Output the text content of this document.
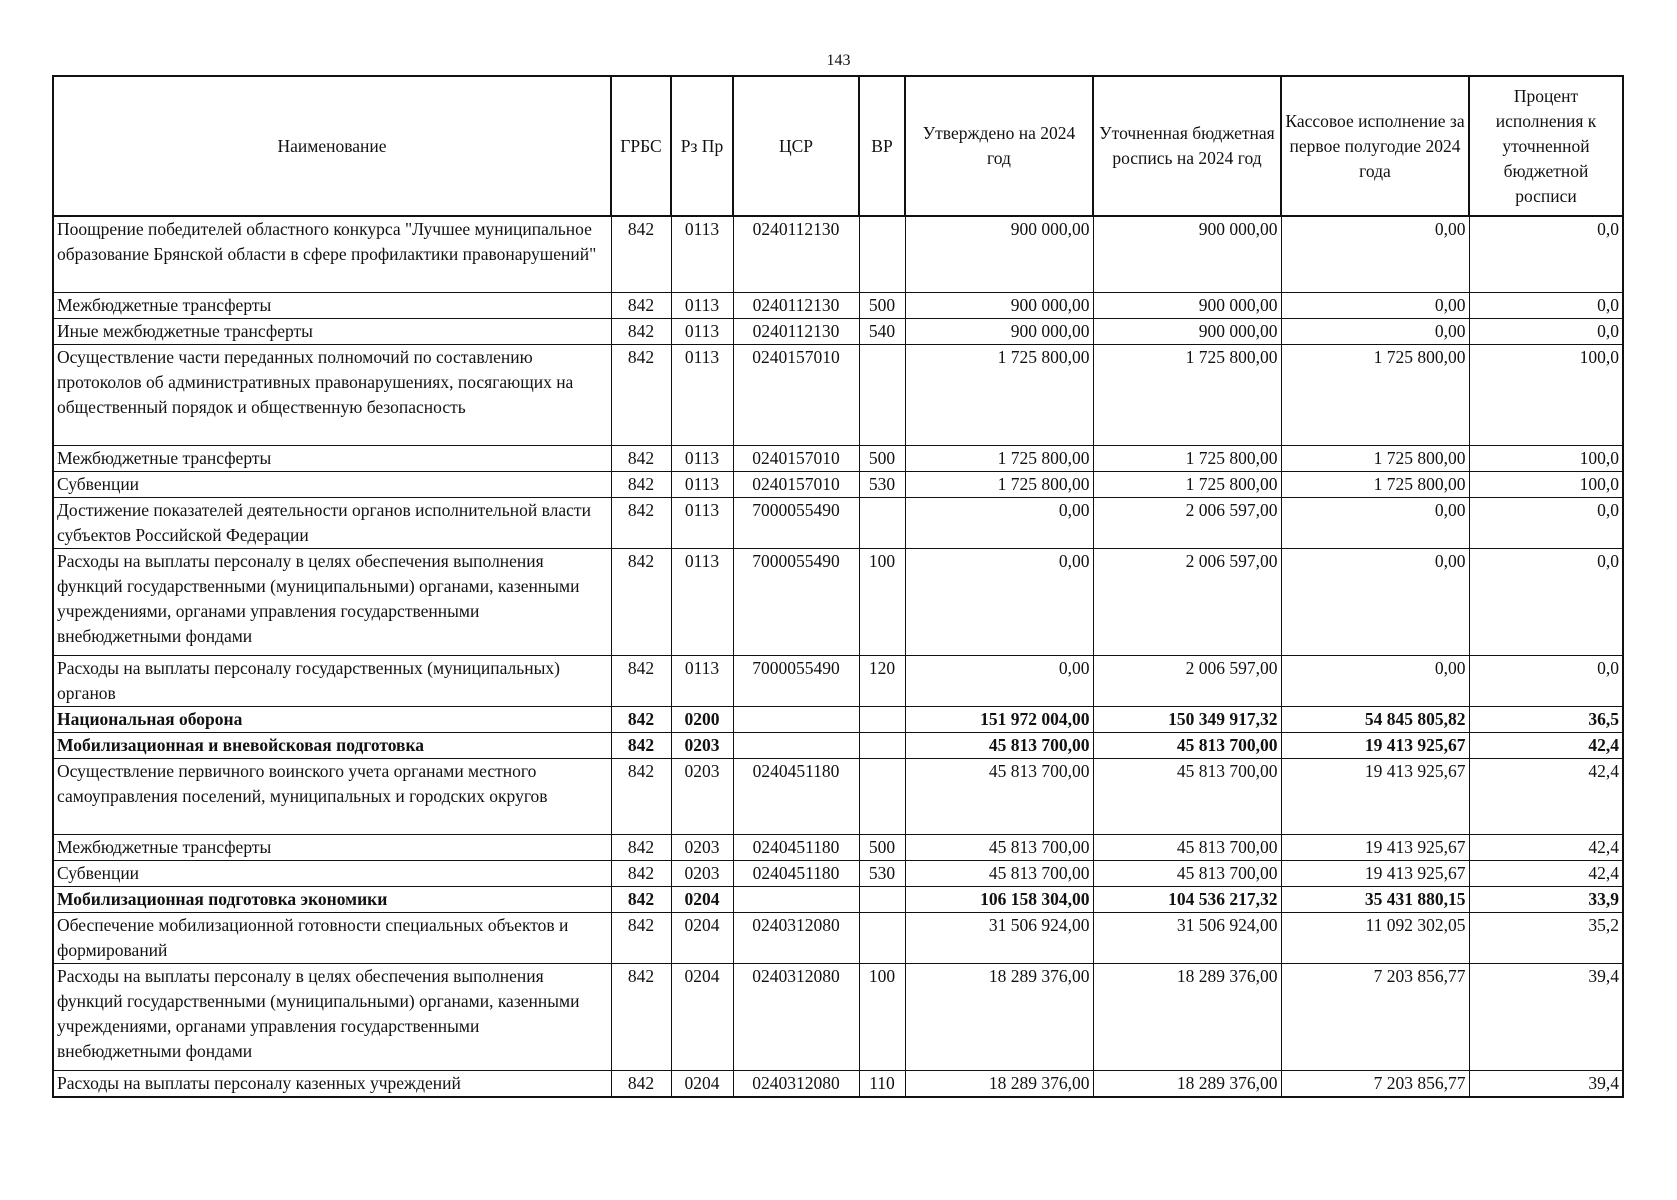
143
Наименование	ГРБС	Рз Пр	ЦСР	ВР	Утверждено на 2024 год	Уточненная бюджетная роспись на 2024 год	Кассовое исполнение за первое полугодие 2024 года	Процент исполнения к уточненной бюджетной росписи
Поощрение победителей областного конкурса "Лучшее муниципальное образование Брянской области в сфере профилактики правонарушений"	842	0113	0240112130		900 000,00	900 000,00	0,00	0,0
Межбюджетные трансферты	842	0113	0240112130	500	900 000,00	900 000,00	0,00	0,0
Иные межбюджетные трансферты	842	0113	0240112130	540	900 000,00	900 000,00	0,00	0,0
Осуществление части переданных полномочий по составлению протоколов об административных правонарушениях, посягающих на общественный порядок и общественную безопасность	842	0113	0240157010		1 725 800,00	1 725 800,00	1 725 800,00	100,0
Межбюджетные трансферты	842	0113	0240157010	500	1 725 800,00	1 725 800,00	1 725 800,00	100,0
Субвенции	842	0113	0240157010	530	1 725 800,00	1 725 800,00	1 725 800,00	100,0
Достижение показателей деятельности органов исполнительной власти субъектов Российской Федерации	842	0113	7000055490		0,00	2 006 597,00	0,00	0,0
Расходы на выплаты персоналу в целях обеспечения выполнения функций государственными (муниципальными) органами, казенными учреждениями, органами управления государственными внебюджетными фондами	842	0113	7000055490	100	0,00	2 006 597,00	0,00	0,0
Расходы на выплаты персоналу государственных (муниципальных) органов	842	0113	7000055490	120	0,00	2 006 597,00	0,00	0,0
Национальная оборона	842	0200			151 972 004,00	150 349 917,32	54 845 805,82	36,5
Мобилизационная и вневойсковая подготовка	842	0203			45 813 700,00	45 813 700,00	19 413 925,67	42,4
Осуществление первичного воинского учета органами местного самоуправления поселений, муниципальных и городских округов	842	0203	0240451180		45 813 700,00	45 813 700,00	19 413 925,67	42,4
Межбюджетные трансферты	842	0203	0240451180	500	45 813 700,00	45 813 700,00	19 413 925,67	42,4
Субвенции	842	0203	0240451180	530	45 813 700,00	45 813 700,00	19 413 925,67	42,4
Мобилизационная подготовка экономики	842	0204			106 158 304,00	104 536 217,32	35 431 880,15	33,9
Обеспечение мобилизационной готовности специальных объектов и формирований	842	0204	0240312080		31 506 924,00	31 506 924,00	11 092 302,05	35,2
Расходы на выплаты персоналу в целях обеспечения выполнения функций государственными (муниципальными) органами, казенными учреждениями, органами управления государственными внебюджетными фондами	842	0204	0240312080	100	18 289 376,00	18 289 376,00	7 203 856,77	39,4
Расходы на выплаты персоналу казенных учреждений	842	0204	0240312080	110	18 289 376,00	18 289 376,00	7 203 856,77	39,4
